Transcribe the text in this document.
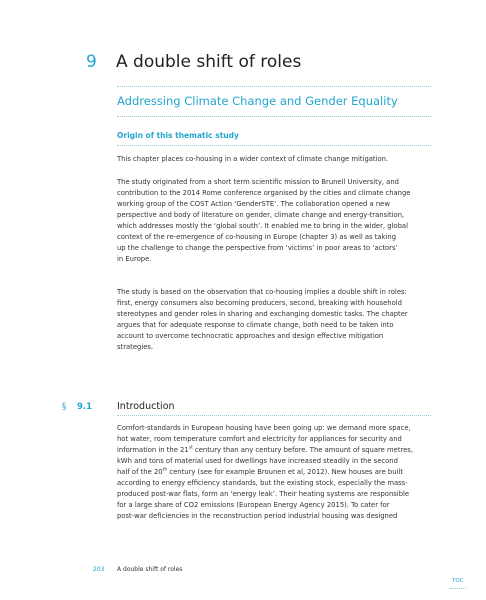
9	A double shift of roles
Addressing Climate Change and Gender Equality
Origin of this thematic study

This chapter places co-housing in a wider context of climate change mitigation.

The study originated from a short term scientific mission to Brunell University, and
contribution to the 2014 Rome conference organised by the cities and climate change
working group of the COST Action ‘GenderSTE’. The collaboration opened a new
perspective and body of literature on gender, climate change and energy-transition,
which addresses mostly the ‘global south’. It enabled me to bring in the wider, global
context of the re-emergence of co-housing in Europe (chapter 3) as well as taking
up the challenge to change the perspective from ‘victims’ in poor areas to ‘actors’
in Europe.

The study is based on the observation that co-housing implies a double shift in roles:
first, energy consumers also becoming producers, second, breaking with household
stereotypes and gender roles in sharing and exchanging domestic tasks. The chapter
argues that for adequate response to climate change, both need to be taken into
account to overcome technocratic approaches and design effective mitigation
strategies.

§ 9.1	Introduction

Comfort-standards in European housing have been going up: we demand more space,
hot water, room temperature comfort and electricity for appliances for security and
information in the 21st century than any century before. The amount of square metres,
kWh and tons of material used for dwellings have increased steadily in the second
half of the 20th century (see for example Brounen et al, 2012). New houses are built
according to energy efficiency standards, but the existing stock, especially the mass-
produced post-war flats, form an ‘energy leak’. Their heating systems are responsible
for a large share of CO2 emissions (European Energy Agency 2015). To cater for
post-war deficiencies in the reconstruction period industrial housing was designed

203 A double shift of roles
TOC
